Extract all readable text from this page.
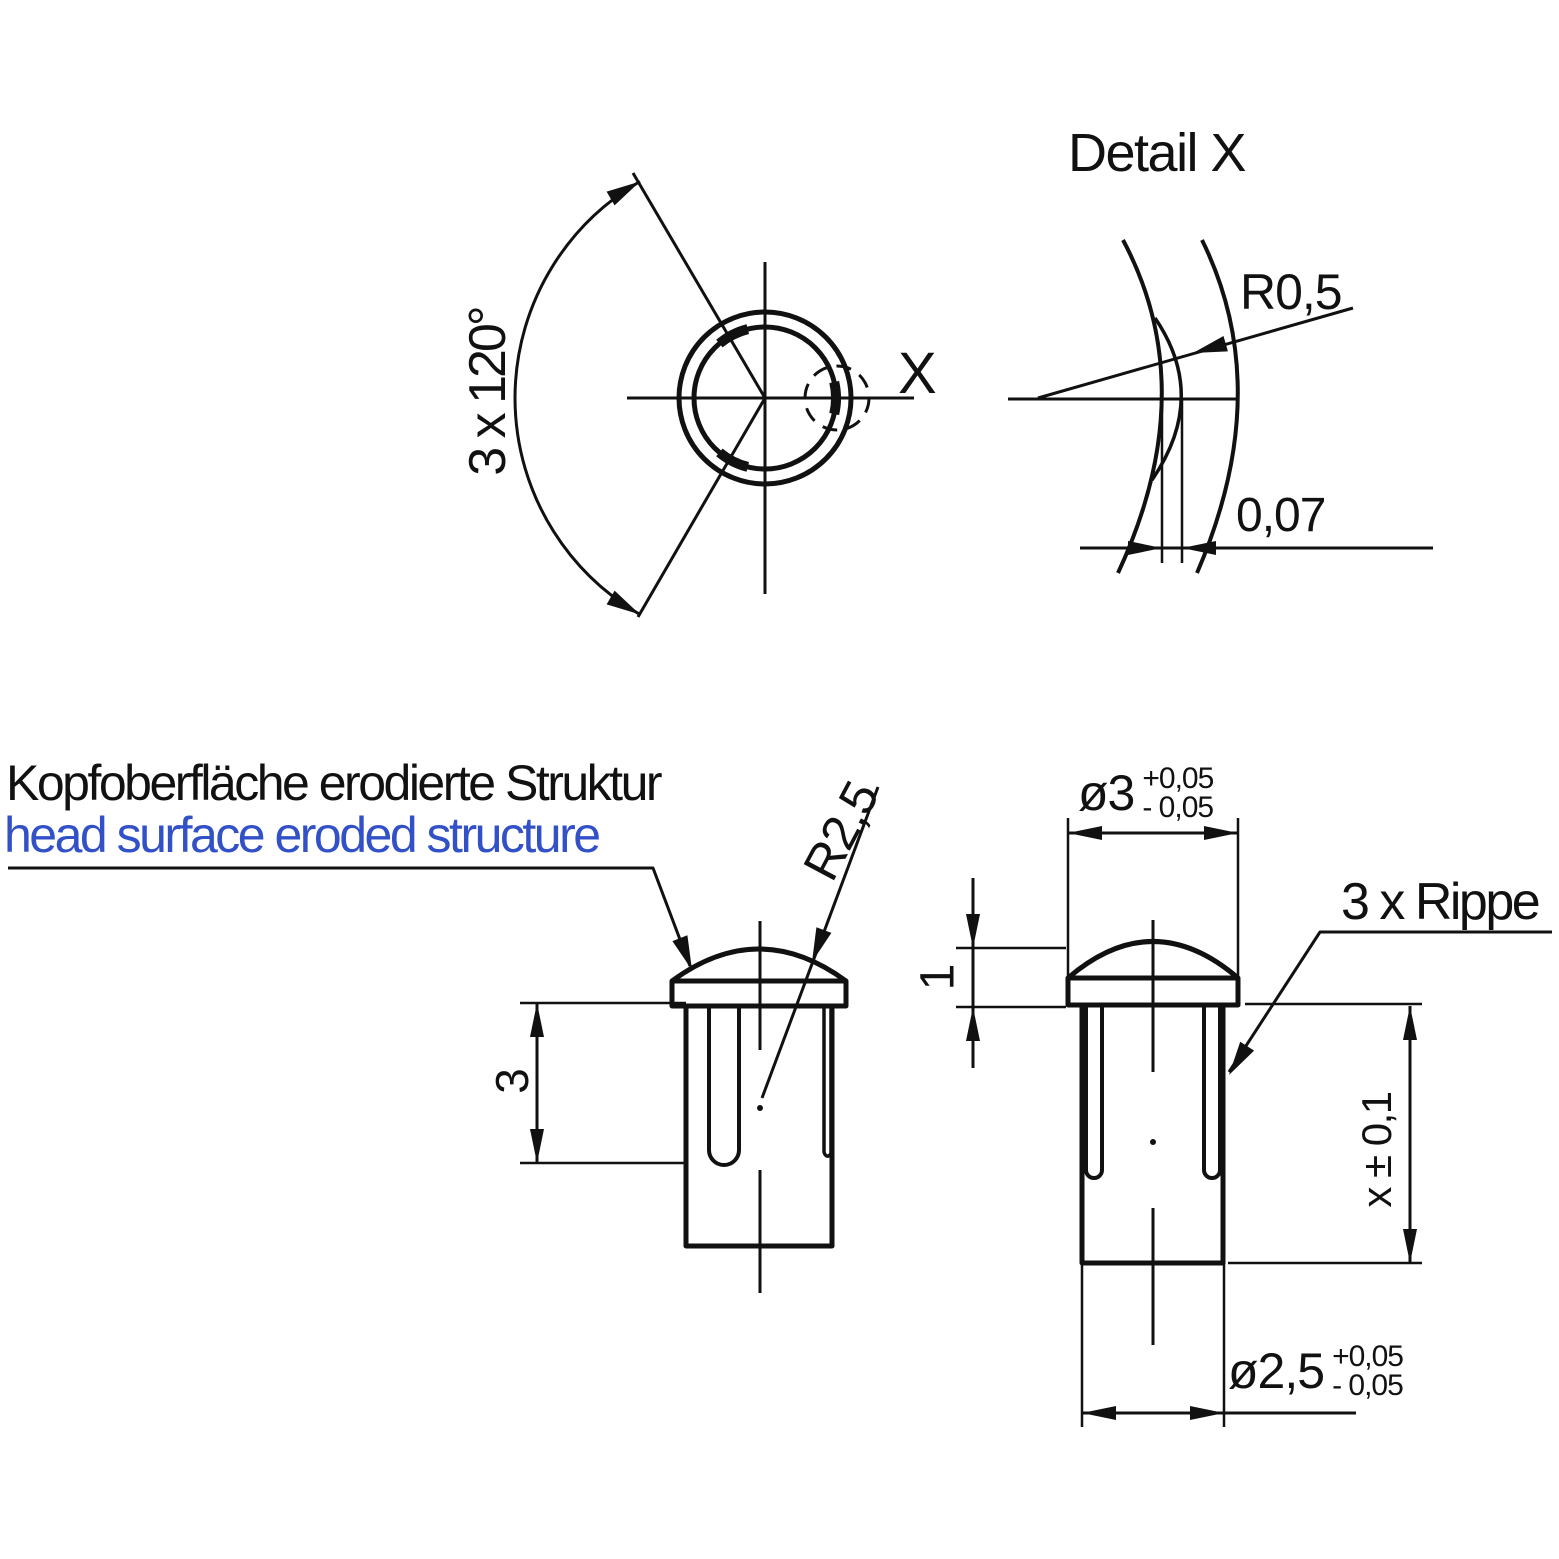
Kopfoberfläche erodierte Struktur
head surface eroded structure
Detail X
R0,5
0,07
X
3 x 120°
R2,5
3
ø3 +0,05
- 0,05
1
3 x Rippe
x ± 0,1
ø2,5 +0,05
- 0,05
